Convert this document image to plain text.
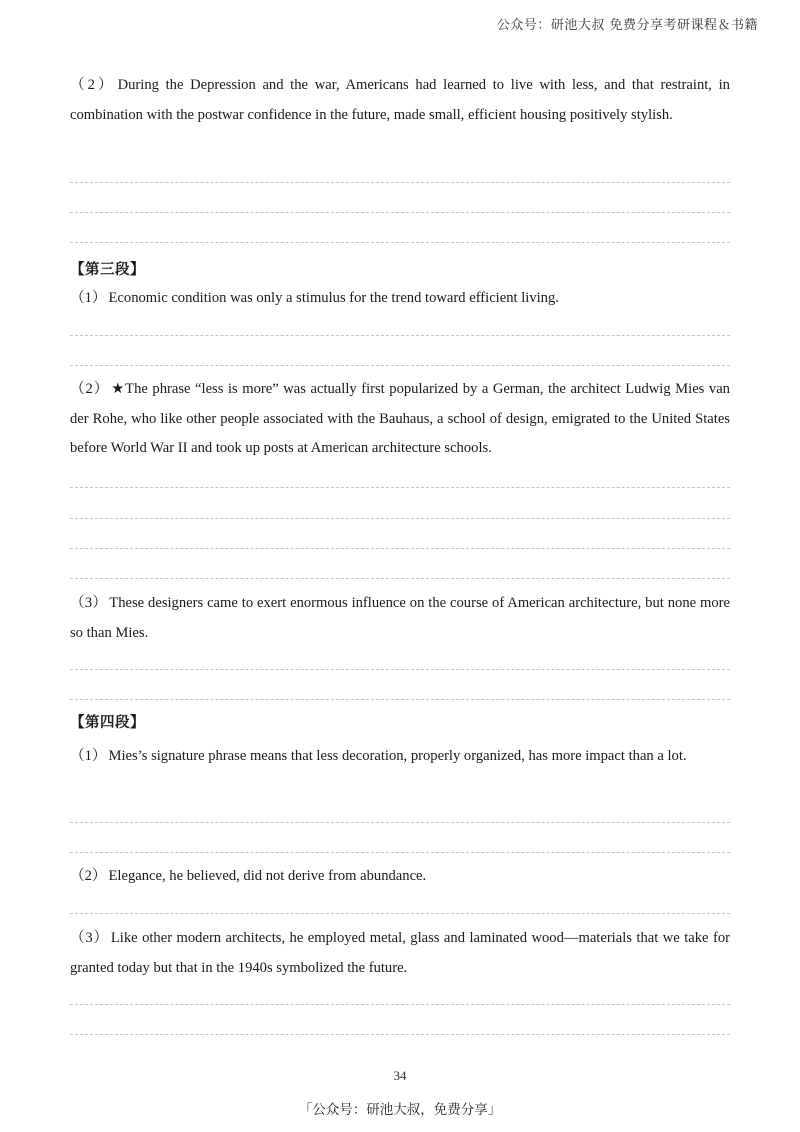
公众号：研池大叔 免费分享考研课程＆书籍

（2） During the Depression and the war, Americans had learned to live with less, and that restraint, in combination with the postwar confidence in the future, made small, efficient housing positively stylish.

【第三段】

（1） Economic condition was only a stimulus for the trend toward efficient living.

（2） ★The phrase “less is more” was actually first popularized by a German, the architect Ludwig Mies van der Rohe, who like other people associated with the Bauhaus, a school of design, emigrated to the United States before World War II and took up posts at American architecture schools.

（3） These designers came to exert enormous influence on the course of American architecture, but none more so than Mies.

【第四段】

（1） Mies’s signature phrase means that less decoration, properly organized, has more impact than a lot.

（2） Elegance, he believed, did not derive from abundance.

（3） Like other modern architects, he employed metal, glass and laminated wood—materials that we take for granted today but that in the 1940s symbolized the future.

34
「公众号：研池大叔，免费分享」
